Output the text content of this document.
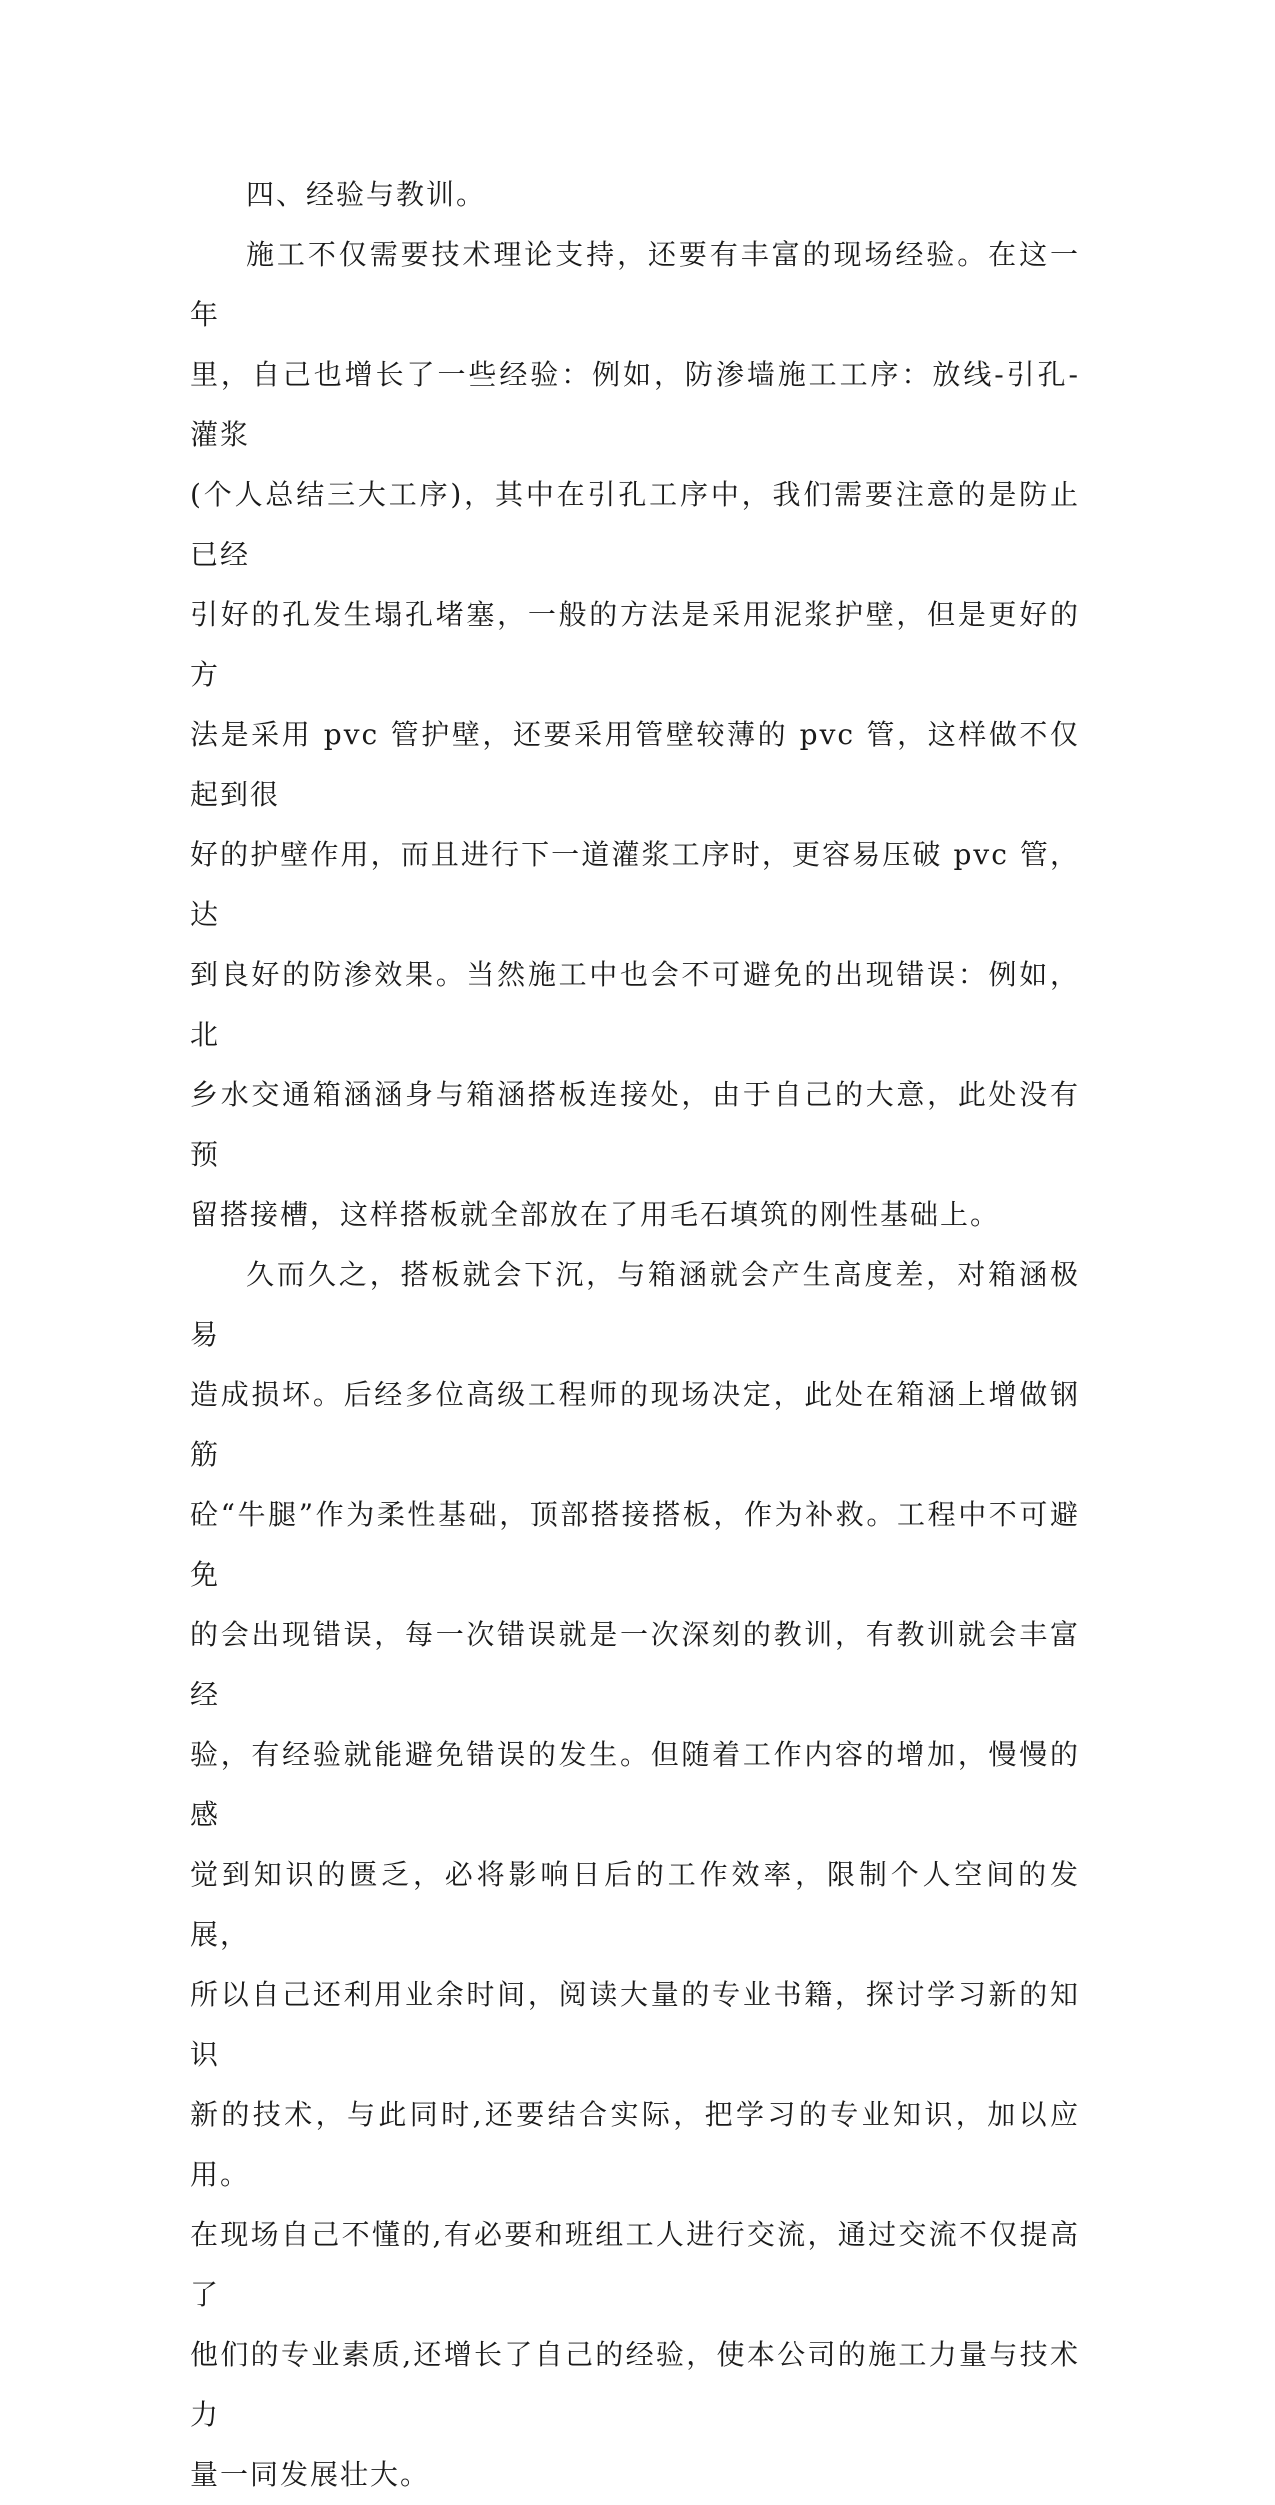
四、经验与教训。

施工不仅需要技术理论支持，还要有丰富的现场经验。在这一年
里，自己也增长了一些经验：例如，防渗墙施工工序：放线-引孔-灌浆
(个人总结三大工序)，其中在引孔工序中，我们需要注意的是防止已经
引好的孔发生塌孔堵塞，一般的方法是采用泥浆护壁，但是更好的方
法是采用 pvc 管护壁，还要采用管壁较薄的 pvc 管，这样做不仅起到很
好的护壁作用，而且进行下一道灌浆工序时，更容易压破 pvc 管，达
到良好的防渗效果。当然施工中也会不可避免的出现错误：例如，北
乡水交通箱涵涵身与箱涵搭板连接处，由于自己的大意，此处没有预
留搭接槽，这样搭板就全部放在了用毛石填筑的刚性基础上。

久而久之，搭板就会下沉，与箱涵就会产生高度差，对箱涵极易
造成损坏。后经多位高级工程师的现场决定，此处在箱涵上增做钢筋
砼“牛腿”作为柔性基础，顶部搭接搭板，作为补救。工程中不可避免
的会出现错误，每一次错误就是一次深刻的教训，有教训就会丰富经
验，有经验就能避免错误的发生。但随着工作内容的增加，慢慢的感
觉到知识的匮乏，必将影响日后的工作效率，限制个人空间的发展，
所以自己还利用业余时间，阅读大量的专业书籍，探讨学习新的知识
新的技术，与此同时,还要结合实际，把学习的专业知识，加以应用。
在现场自己不懂的,有必要和班组工人进行交流，通过交流不仅提高了
他们的专业素质,还增长了自己的经验，使本公司的施工力量与技术力
量一同发展壮大。
